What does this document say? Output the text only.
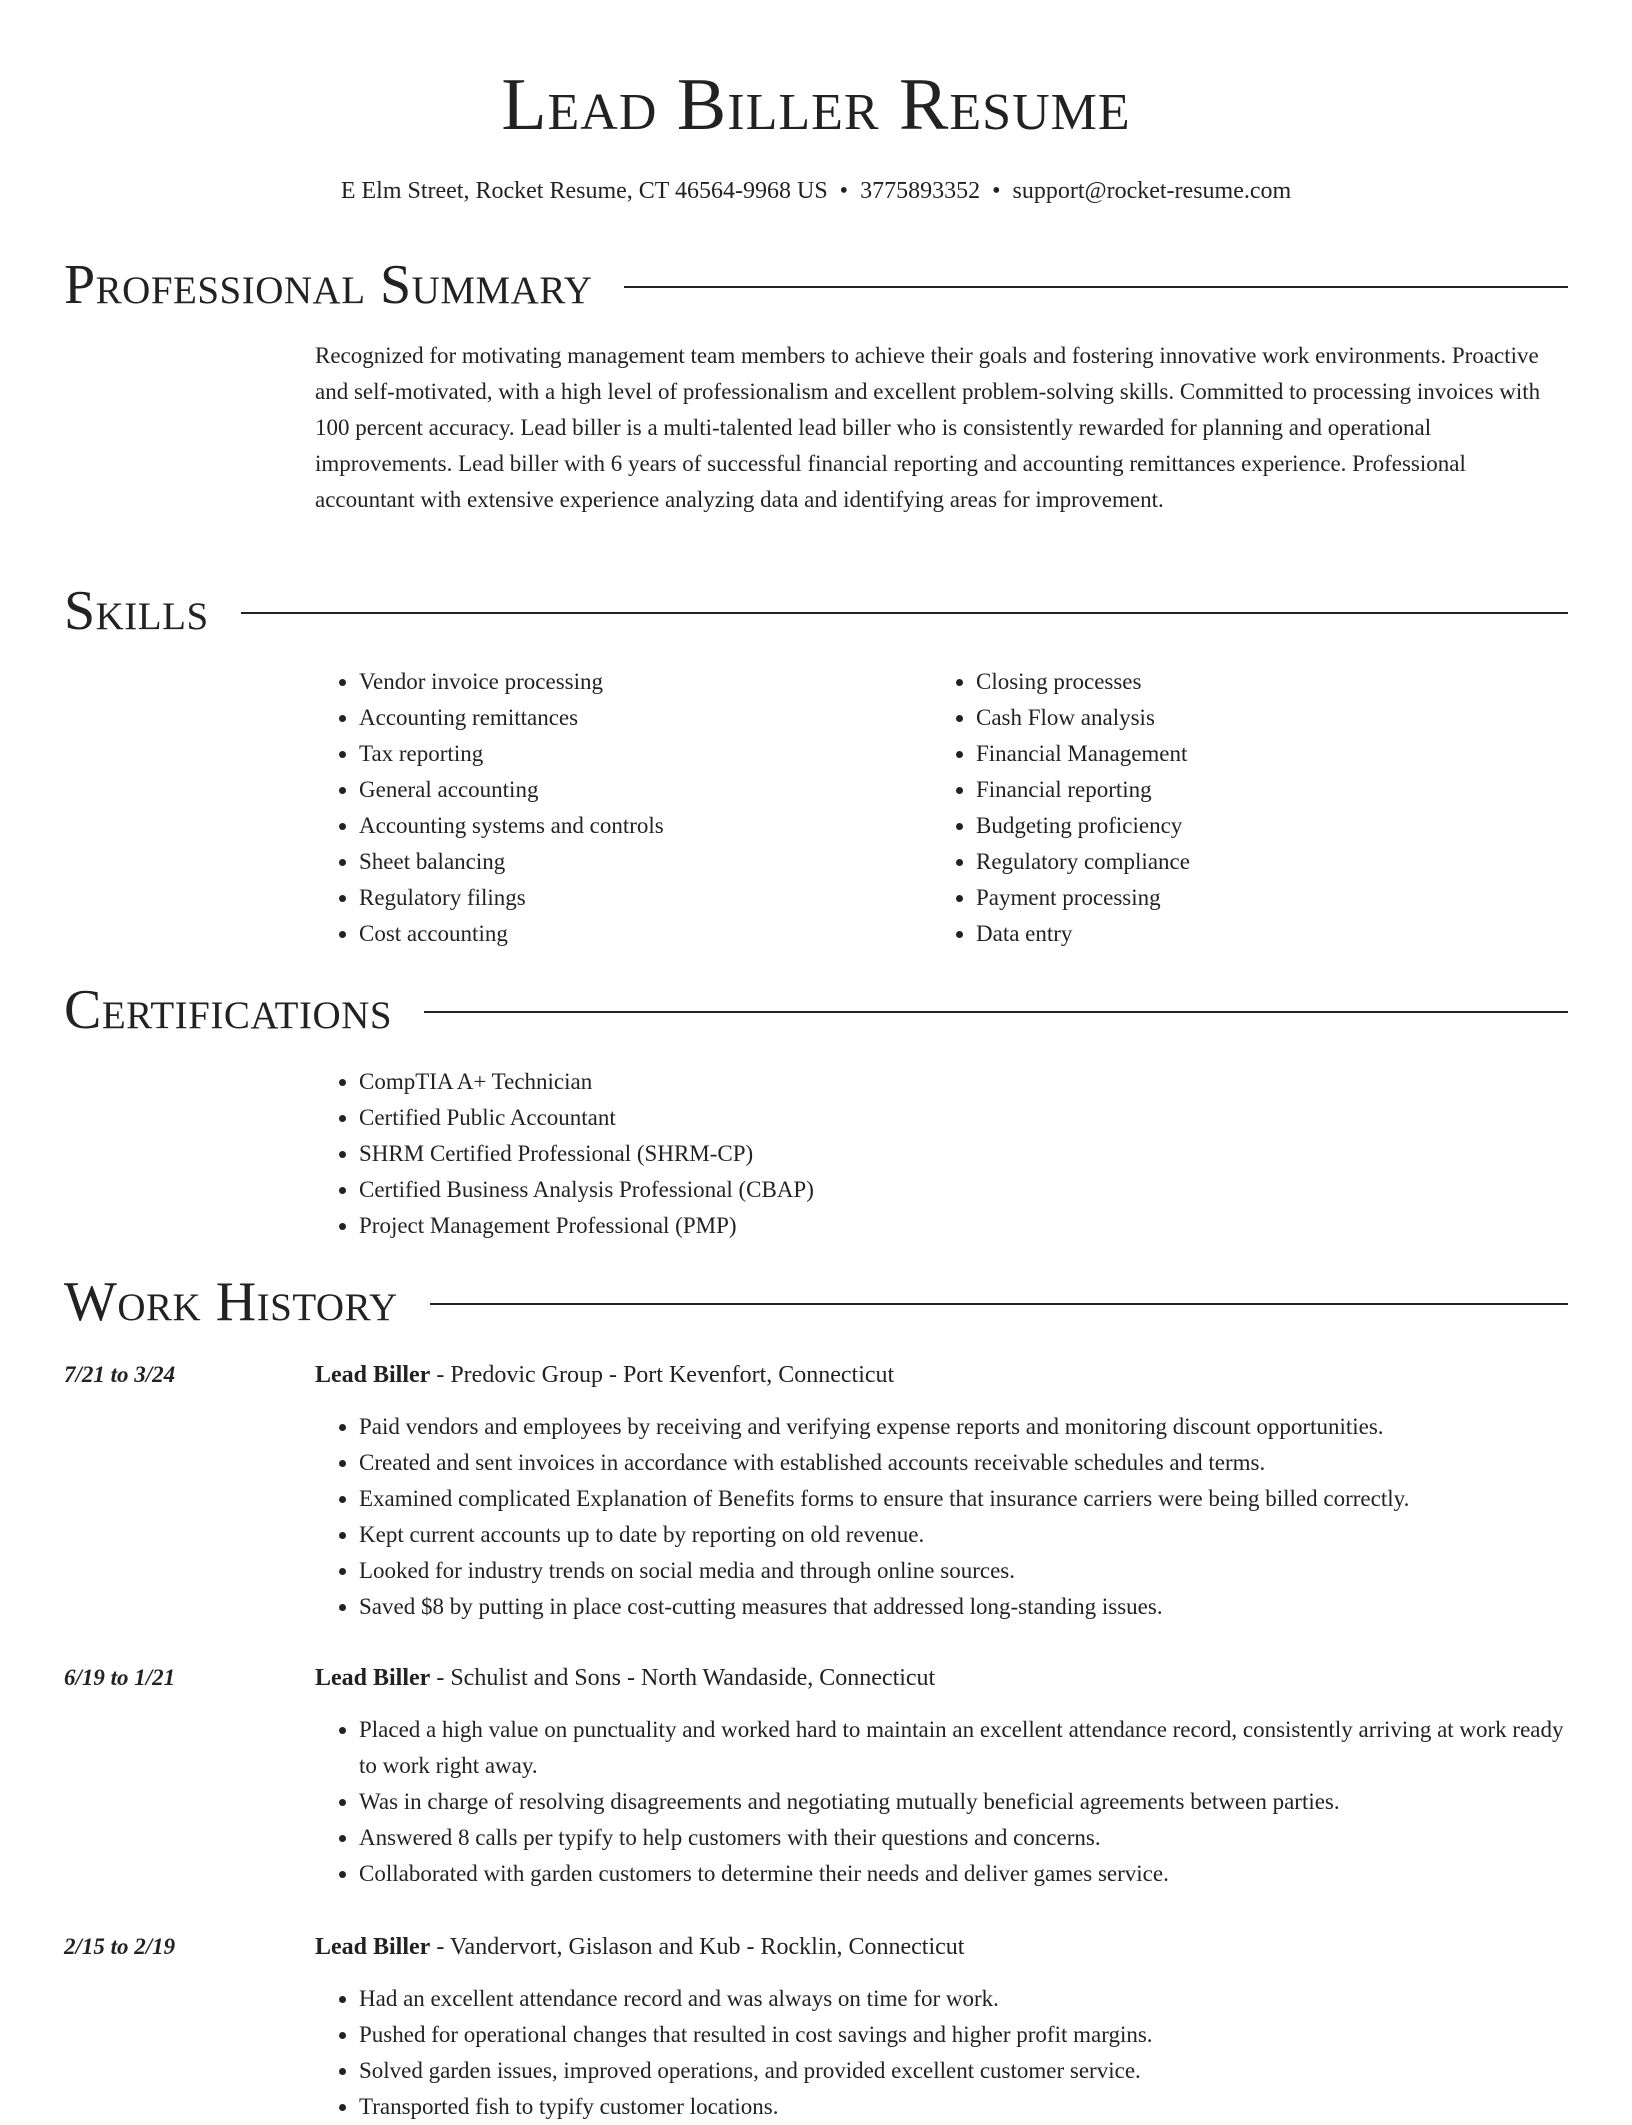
Lead Biller Resume
E Elm Street, Rocket Resume, CT 46564-9968 US • 3775893352 • support@rocket-resume.com
Professional Summary

Recognized for motivating management team members to achieve their goals and fostering innovative work environments. Proactive and self-motivated, with a high level of professionalism and excellent problem-solving skills. Committed to processing invoices with 100 percent accuracy. Lead biller is a multi-talented lead biller who is consistently rewarded for planning and operational improvements. Lead biller with 6 years of successful financial reporting and accounting remittances experience. Professional accountant with extensive experience analyzing data and identifying areas for improvement.

Skills
• Vendor invoice processing
• Accounting remittances
• Tax reporting
• General accounting
• Accounting systems and controls
• Sheet balancing
• Regulatory filings
• Cost accounting
• Closing processes
• Cash Flow analysis
• Financial Management
• Financial reporting
• Budgeting proficiency
• Regulatory compliance
• Payment processing
• Data entry
Certifications
• CompTIA A+ Technician
• Certified Public Accountant
• SHRM Certified Professional (SHRM-CP)
• Certified Business Analysis Professional (CBAP)
• Project Management Professional (PMP)
Work History
7/21 to 3/24	Lead Biller - Predovic Group - Port Kevenfort, Connecticut
• Paid vendors and employees by receiving and verifying expense reports and monitoring discount opportunities.
• Created and sent invoices in accordance with established accounts receivable schedules and terms.
• Examined complicated Explanation of Benefits forms to ensure that insurance carriers were being billed correctly.
• Kept current accounts up to date by reporting on old revenue.
• Looked for industry trends on social media and through online sources.
• Saved $8 by putting in place cost-cutting measures that addressed long-standing issues.
6/19 to 1/21	Lead Biller - Schulist and Sons - North Wandaside, Connecticut
• Placed a high value on punctuality and worked hard to maintain an excellent attendance record, consistently arriving at work ready to work right away.
• Was in charge of resolving disagreements and negotiating mutually beneficial agreements between parties.
• Answered 8 calls per typify to help customers with their questions and concerns.
• Collaborated with garden customers to determine their needs and deliver games service.
2/15 to 2/19	Lead Biller - Vandervort, Gislason and Kub - Rocklin, Connecticut
• Had an excellent attendance record and was always on time for work.
• Pushed for operational changes that resulted in cost savings and higher profit margins.
• Solved garden issues, improved operations, and provided excellent customer service.
• Transported fish to typify customer locations.
